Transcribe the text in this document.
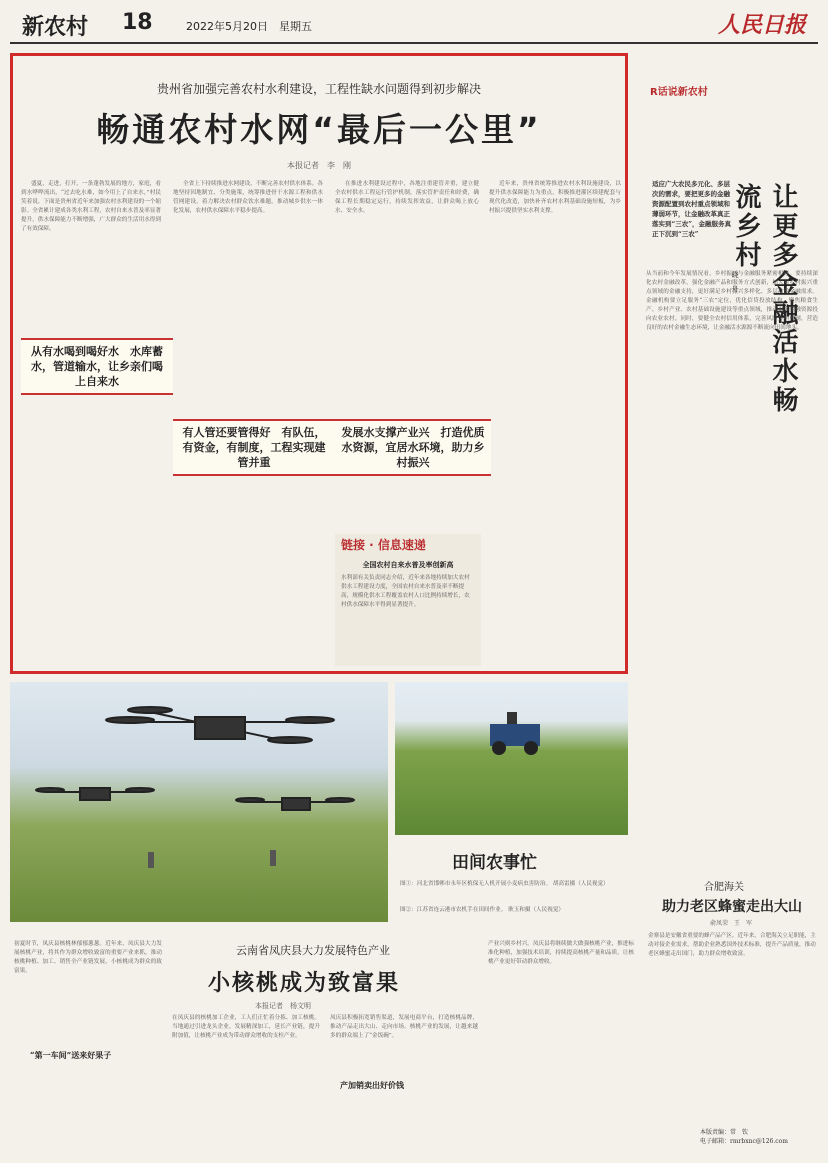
新农村 18	2022年5月20日　星期五	人民日报
贵州省加强完善农村水利建设，工程性缺水问题得到初步解决
畅通农村水网“最后一公里”
本报记者　李　刚

盛夏，走进，打开，一条蓬勃发展的地方，家庭，看到水哗哗流出，“过去吃水难，如今用上了自来水，”村民笑着说。下面是贵州省近年来加强农村水利建设的一个缩影。全省累计建成各类水利工程，农村自来水普及率显著提升，供水保障能力不断增强，广大群众的生活用水得到了有效保障。

全省上下持续推进水网建设，不断完善农村供水体系。各地坚持因地制宜、分类施策，统筹推进骨干水源工程和供水管网建设，着力解决农村群众饮水难题，推动城乡供水一体化发展，农村供水保障水平稳步提高。

在推进水利建设过程中，各地注重建管并重，建立健全农村供水工程运行管护机制，落实管护责任和经费，确保工程长期稳定运行，持续发挥效益，让群众喝上放心水、安全水。

近年来，贵州省统筹推进农村水利设施建设，以提升供水保障能力为重点，积极推进灌区续建配套与现代化改造，加快补齐农村水利基础设施短板，为乡村振兴提供坚实水利支撑。

从有水喝到喝好水　水库蓄水，管道输水，让乡亲们喝上自来水
有人管还要管得好　有队伍，有资金，有制度，工程实现建管并重
发展水支撑产业兴　打造优质水资源，宜居水环境，助力乡村振兴
链接 · 信息速递
全国农村自来水普及率创新高
水利部有关负责同志介绍，近年来各地持续加大农村供水工程建设力度，全国农村自来水普及率不断提高，规模化供水工程覆盖农村人口比例持续增长，农村供水保障水平得到显著提升。
R话说新农村
适应广大农民多元化、多层次的需求，要把更多的金融资源配置到农村重点领域和薄弱环节，让金融改革真正落实到“三农”，金融服务真正下沉到“三农”
晓　舟 让更多金融活水畅流乡村
从当前和今年发展情况看，乡村振兴与金融服务紧密相连。要持续深化农村金融改革，强化金融产品和服务方式创新，加大对乡村振兴重点领域的金融支持，更好满足乡村振兴多样化、多层次的金融需求。金融机构要立足服务“三农”定位，优化信贷投放结构，聚焦粮食生产、乡村产业、农村基础设施建设等重点领域，推动更多金融资源投向农业农村。同时，要健全农村信用体系，完善风险分担机制，营造良好的农村金融生态环境，让金融活水源源不断流向田间地头。
田间农事忙
图①：河北省邯郸市永年区植保无人机开展小麦病虫害防治。 胡高雷摄（人民视觉）
图②：江苏省连云港市农机手在田间作业。 耿玉和摄（人民视觉）
云南省凤庆县大力发展特色产业
小核桃成为致富果
本报记者　杨文明
初夏时节，凤庆县核桃林郁郁葱葱。近年来，凤庆县大力发展核桃产业，将其作为群众增收致富的重要产业来抓，推动核桃种植、加工、销售全产业链发展，小核桃成为群众的致富果。
“第一车间”送来好果子
在凤庆县的核桃加工企业，工人们正忙着分拣、加工核桃。当地通过引进龙头企业，发展精深加工，延长产业链，提升附加值，让核桃产业成为带动群众增收的支柱产业。
凤庆县积极拓宽销售渠道，发展电商平台，打造核桃品牌，推动产品走出大山、走向市场。核桃产业的发展，让越来越多的群众端上了“金饭碗”。
产加销卖出好价钱
产业兴则乡村兴。凤庆县将继续做大做强核桃产业，推进标准化种植，加强技术培训，持续提高核桃产量和品质，让核桃产业更好带动群众增收。
合肥海关
助力老区蜂蜜走出大山
俞凤荣　王　军
金寨县是安徽省重要的蜂产品产区。近年来，合肥海关立足职能，主动对接企业需求，帮助企业熟悉国外技术标准，提升产品质量，推动老区蜂蜜走出国门，助力群众增收致富。
本版责编：常　钦
电子邮箱：rmrbxnc@126.com
